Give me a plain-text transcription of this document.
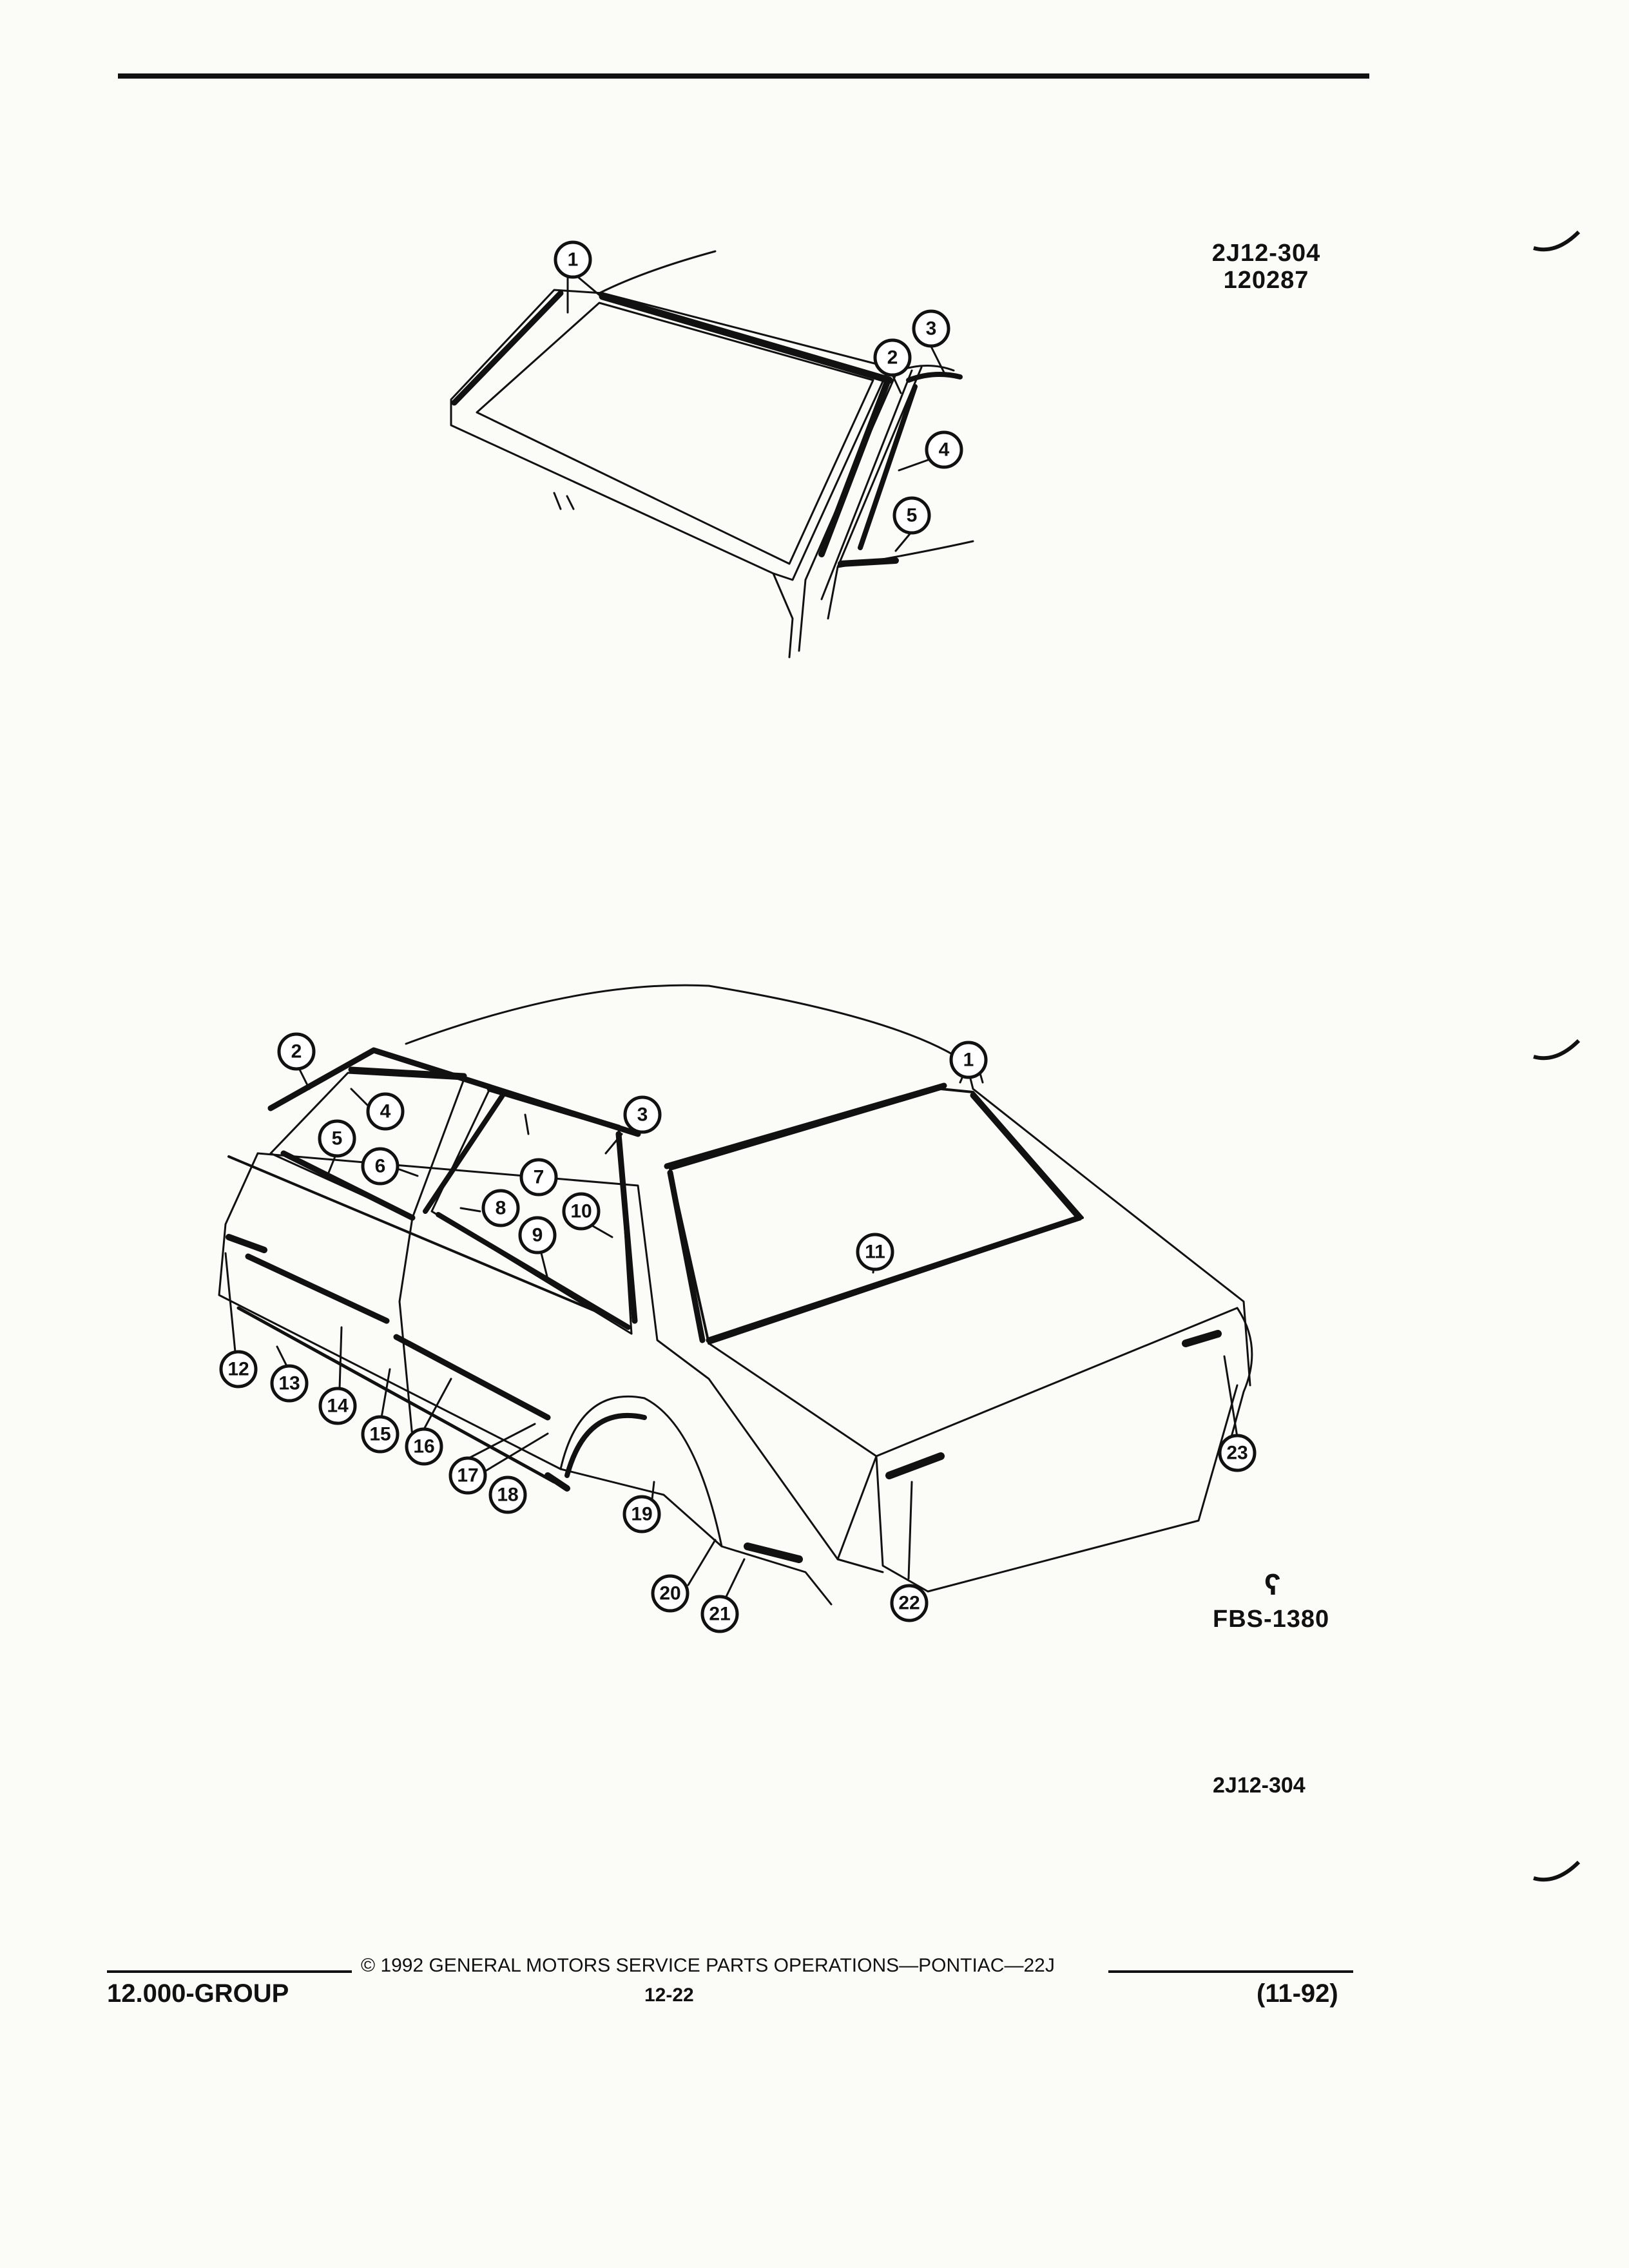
2J12-304
120287
1
2
3
4
5
2
4
5
6
3
7
1
8	10
9
11
12
13
14
15
16
17
18
19
20
21
22
23
ʕ
FBS-1380
2J12-304
© 1992 GENERAL MOTORS SERVICE PARTS OPERATIONS—PONTIAC—22J
12-22
12.000-GROUP	(11-92)
